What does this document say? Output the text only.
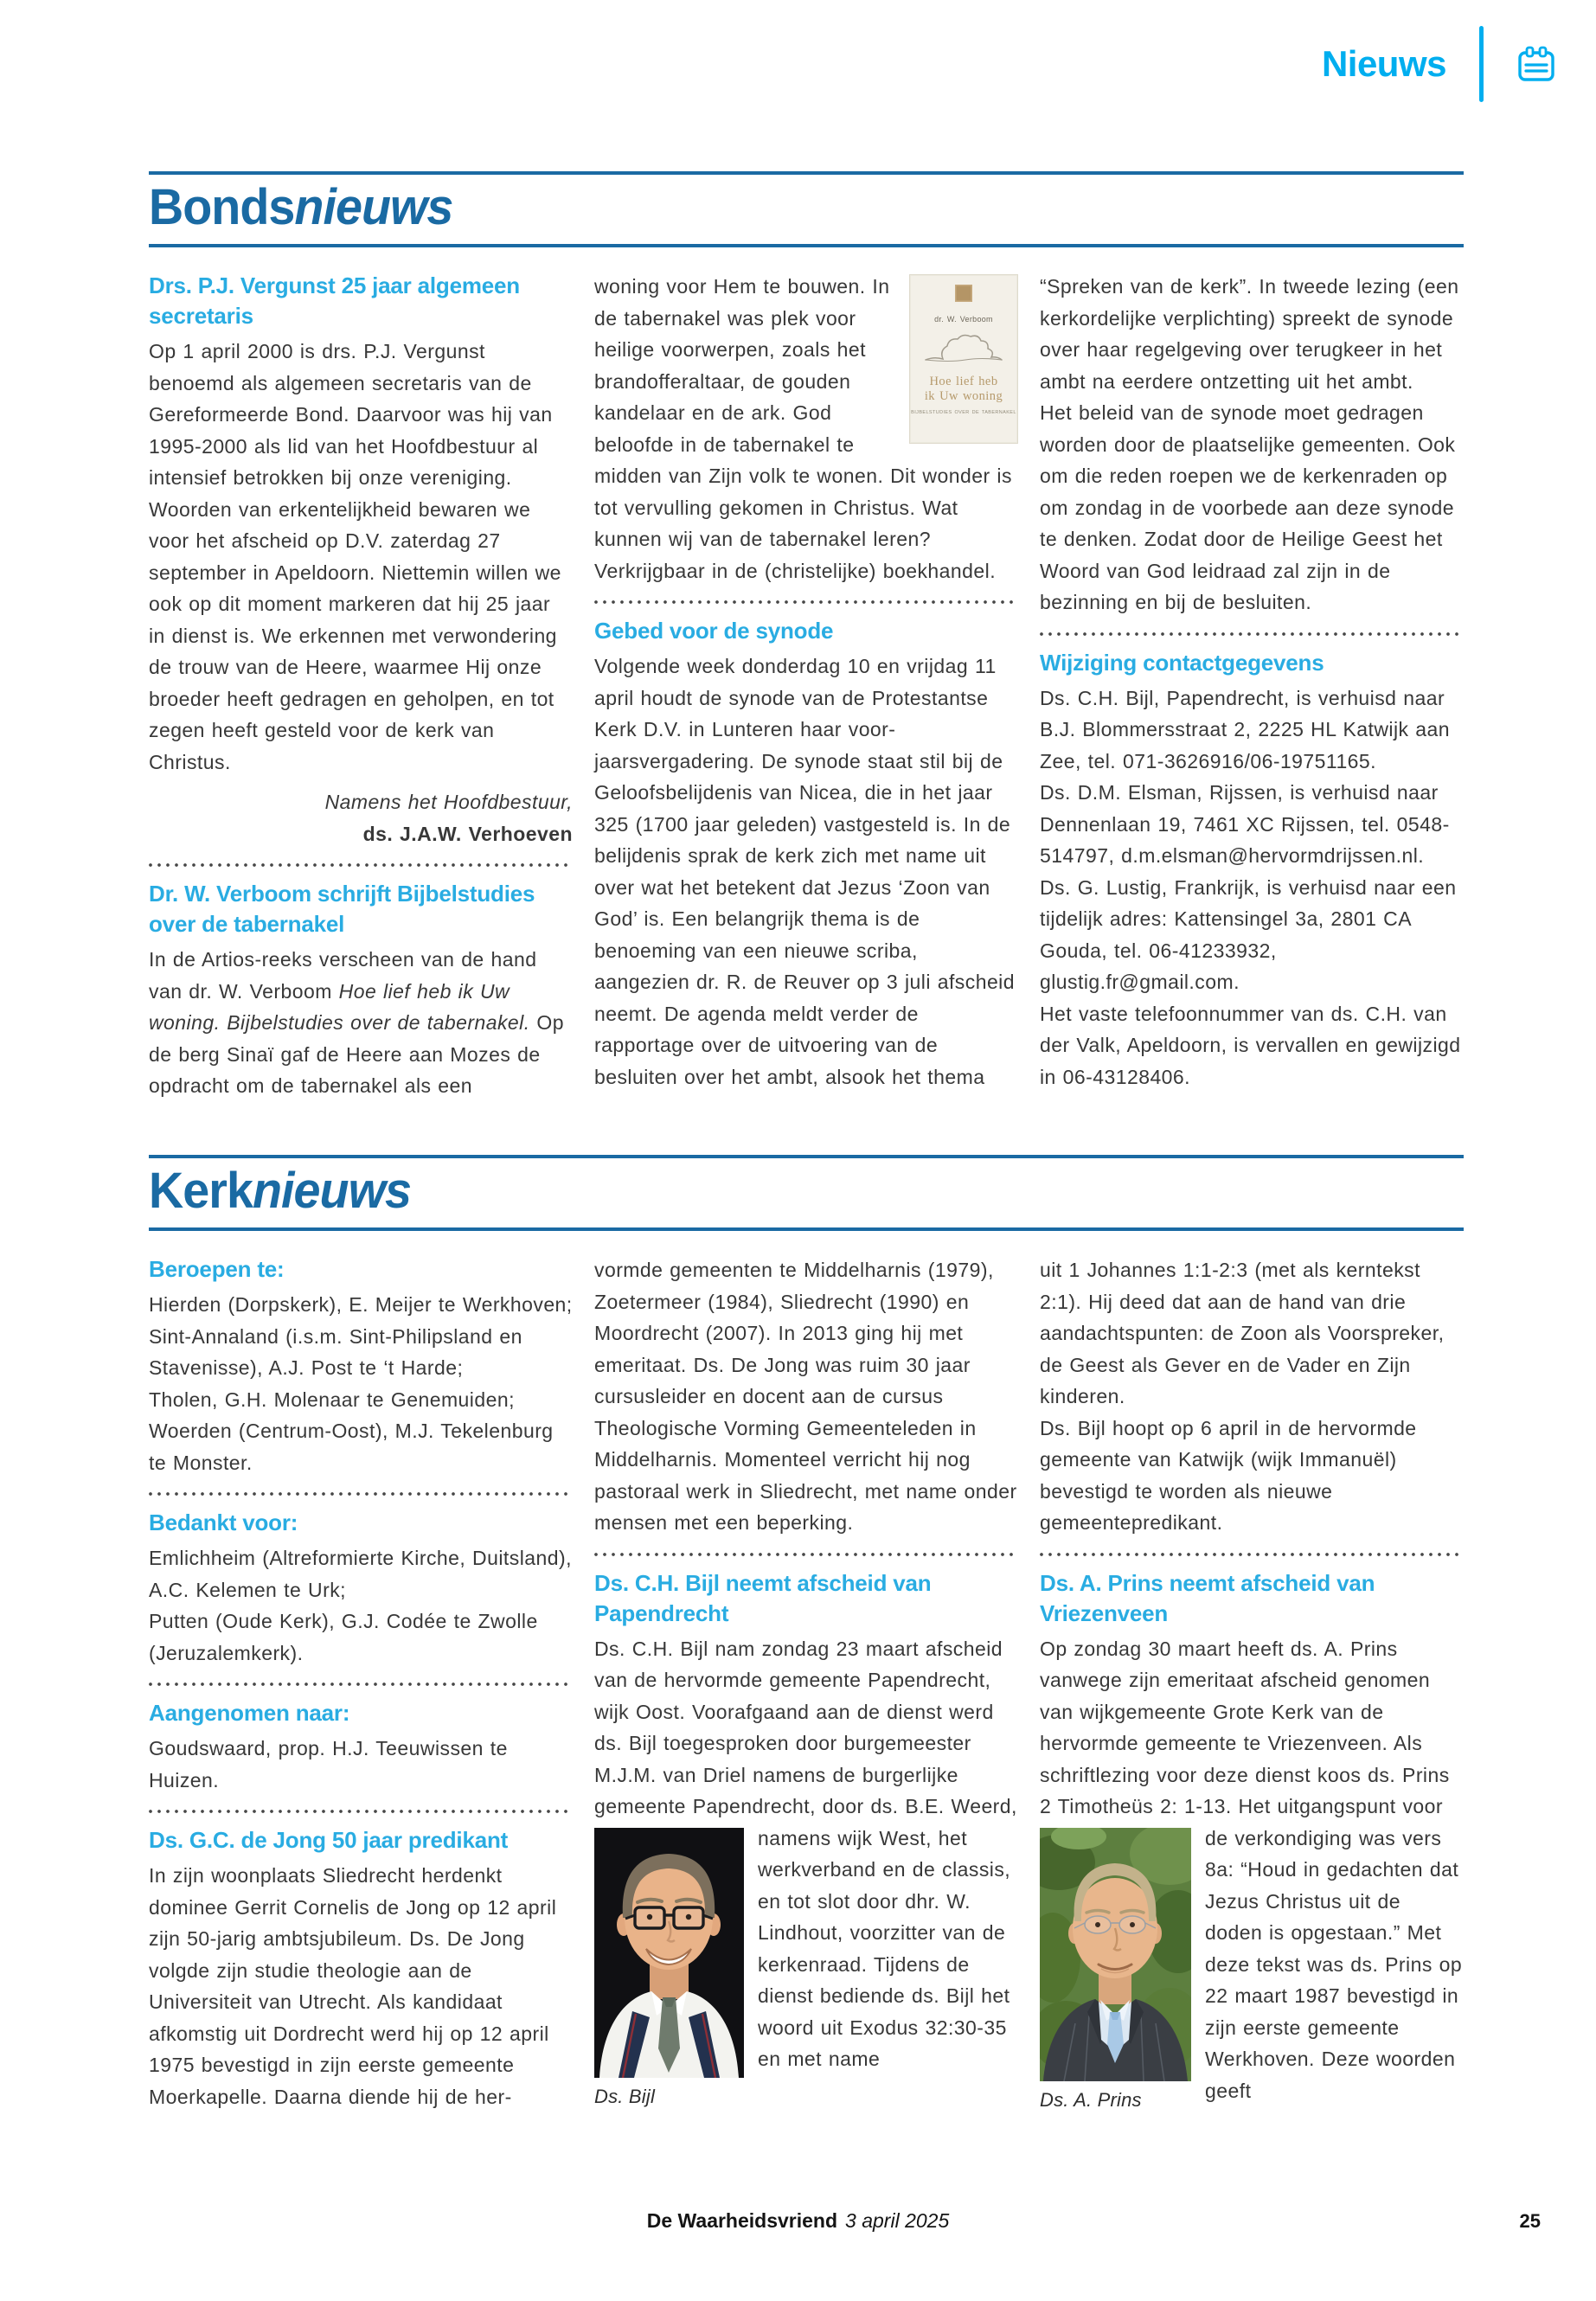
Nieuws
Bondsnieuws
Drs. P.J. Vergunst 25 jaar algemeen secretaris

Op 1 april 2000 is drs. P.J. Vergunst benoemd als algemeen secretaris van de Gereformeerde Bond. Daarvoor was hij van 1995-2000 als lid van het Hoofdbestuur al intensief betrokken bij onze vereniging. Woorden van erkentelijkheid bewaren we voor het afscheid op D.V. zaterdag 27 september in Apeldoorn. Niettemin willen we ook op dit moment markeren dat hij 25 jaar in dienst is. We erkennen met verwondering de trouw van de Heere, waarmee Hij onze broeder heeft gedragen en geholpen, en tot zegen heeft gesteld voor de kerk van Christus.

Namens het Hoofdbestuur,

ds. J.A.W. Verhoeven

Dr. W. Verboom schrijft Bijbelstudies over de tabernakel

In de Artios-reeks verscheen van de hand van dr. W. Verboom Hoe lief heb ik Uw woning. Bijbelstudies over de tabernakel. Op de berg Sinaï gaf de Heere aan Mozes de opdracht om de tabernakel als een

dr. W. Verboom
Hoe lief heb
ik Uw woning
BIJBELSTUDIES OVER DE TABERNAKEL
woning voor Hem te bouwen. In de tabernakel was plek voor heilige voorwerpen, zoals het brandofferaltaar, de gouden kandelaar en de ark. God beloofde in de tabernakel te midden van Zijn volk te wonen. Dit wonder is tot vervulling gekomen in Christus. Wat kunnen wij van de tabernakel leren? Verkrijgbaar in de (christelijke) boekhandel.

Gebed voor de synode

Volgende week donderdag 10 en vrijdag 11 april houdt de synode van de Protestantse Kerk D.V. in Lunteren haar voorjaarsvergadering. De synode staat stil bij de Geloofsbelijdenis van Nicea, die in het jaar 325 (1700 jaar geleden) vastgesteld is. In de belijdenis sprak de kerk zich met name uit over wat het betekent dat Jezus ‘Zoon van God’ is. Een belangrijk thema is de benoeming van een nieuwe scriba, aangezien dr. R. de Reuver op 3 juli afscheid neemt. De agenda meldt verder de rapportage over de uitvoering van de besluiten over het ambt, alsook het thema

“Spreken van de kerk”. In tweede lezing (een kerkordelijke verplichting) spreekt de synode over haar regelgeving over terugkeer in het ambt na eerdere ontzetting uit het ambt.

Het beleid van de synode moet gedragen worden door de plaatselijke gemeenten. Ook om die reden roepen we de kerkenraden op om zondag in de voorbede aan deze synode te denken. Zodat door de Heilige Geest het Woord van God leidraad zal zijn in de bezinning en bij de besluiten.

Wijziging contactgegevens

Ds. C.H. Bijl, Papendrecht, is verhuisd naar B.J. Blommersstraat 2, 2225 HL Katwijk aan Zee, tel. 071-3626916/06-19751165.

Ds. D.M. Elsman, Rijssen, is verhuisd naar Dennenlaan 19, 7461 XC Rijssen, tel. 0548-514797, d.m.elsman@hervormdrijssen.nl.

Ds. G. Lustig, Frankrijk, is verhuisd naar een tijdelijk adres: Kattensingel 3a, 2801 CA Gouda, tel. 06-41233932, glustig.fr@gmail.com.

Het vaste telefoonnummer van ds. C.H. van der Valk, Apeldoorn, is vervallen en gewijzigd in 06-43128406.

Kerknieuws
Beroepen te:

Hierden (Dorpskerk), E. Meijer te Werkhoven;

Sint-Annaland (i.s.m. Sint-Philipsland en Stavenisse), A.J. Post te ‘t Harde;

Tholen, G.H. Molenaar te Genemuiden;

Woerden (Centrum-Oost), M.J. Tekelenburg te Monster.

Bedankt voor:

Emlichheim (Altreformierte Kirche, Duitsland), A.C. Kelemen te Urk;

Putten (Oude Kerk), G.J. Codée te Zwolle (Jeruzalemkerk).

Aangenomen naar:

Goudswaard, prop. H.J. Teeuwissen te Huizen.

Ds. G.C. de Jong 50 jaar predikant

In zijn woonplaats Sliedrecht herdenkt dominee Gerrit Cornelis de Jong op 12 april zijn 50-jarig ambtsjubileum. Ds. De Jong volgde zijn studie theologie aan de Universiteit van Utrecht. Als kandidaat afkomstig uit Dordrecht werd hij op 12 april 1975 bevestigd in zijn eerste gemeente Moerkapelle. Daarna diende hij de her-

vormde gemeenten te Middelharnis (1979), Zoetermeer (1984), Sliedrecht (1990) en Moordrecht (2007). In 2013 ging hij met emeritaat. Ds. De Jong was ruim 30 jaar cursusleider en docent aan de cursus Theologische Vorming Gemeenteleden in Middelharnis. Momenteel verricht hij nog pastoraal werk in Sliedrecht, met name onder mensen met een beperking.

Ds. C.H. Bijl neemt afscheid van Papendrecht

Ds. C.H. Bijl nam zondag 23 maart afscheid van de hervormde gemeente Papendrecht, wijk Oost. Voorafgaand aan de dienst werd ds. Bijl toegesproken door burgemeester M.J.M. van Driel namens de burgerlijke gemeente Papendrecht, door ds. B.E.
Ds. Bijl
Weerd, namens wijk West, het werkverband en de classis, en tot slot door dhr. W. Lindhout, voorzitter van de kerkenraad. Tijdens de dienst bediende ds. Bijl het woord uit Exodus 32:30-35 en met name

uit 1 Johannes 1:1-2:3 (met als kerntekst 2:1). Hij deed dat aan de hand van drie aandachtspunten: de Zoon als Voorspreker, de Geest als Gever en de Vader en Zijn kinderen.

Ds. Bijl hoopt op 6 april in de hervormde gemeente van Katwijk (wijk Immanuël) bevestigd te worden als nieuwe gemeentepredikant.

Ds. A. Prins neemt afscheid van Vriezenveen

Op zondag 30 maart heeft ds. A. Prins vanwege zijn emeritaat afscheid genomen van wijkgemeente Grote Kerk van de hervormde gemeente te Vriezenveen. Als schriftlezing voor deze dienst koos ds. Prins 2 Timotheüs 2: 1-13. Het uitgangspunt voor
Ds. A. Prins
de verkondiging was vers 8a: “Houd in gedachten dat Jezus Christus uit de doden is opgestaan.” Met deze tekst was ds. Prins op 22 maart 1987 bevestigd in zijn eerste gemeente Werkhoven. Deze woorden geeft

De Waarheidsvriend 3 april 2025	25
